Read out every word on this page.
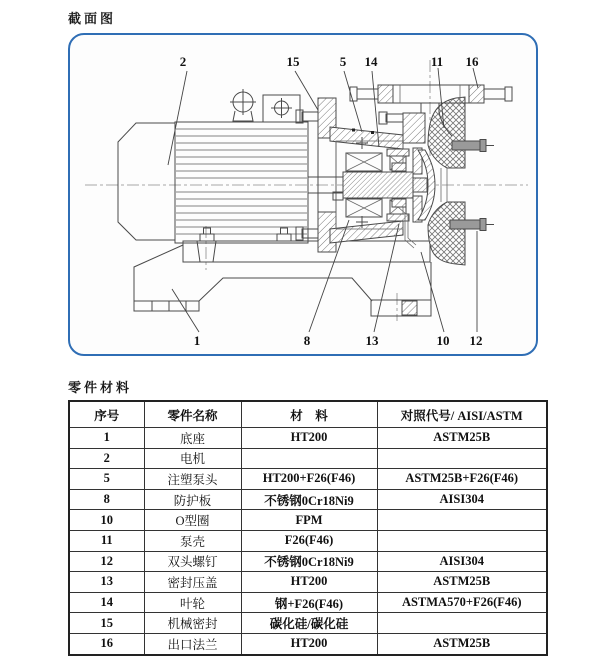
截面图
2	15	5 14	11 16
1	8	13	10 12
零件材料
序号	零件名称	材　料	对照代号/ AISI/ASTM
1	底座	HT200	ASTM25B
2	电机		
5	注塑泵头	HT200+F26(F46)	ASTM25B+F26(F46)
8	防护板	不锈钢0Cr18Ni9	AISI304
10	O型圈	FPM	
11	泵壳	F26(F46)	
12	双头螺钉	不锈钢0Cr18Ni9	AISI304
13	密封压盖	HT200	ASTM25B
14	叶轮	钢+F26(F46)	ASTMA570+F26(F46)
15	机械密封	碳化硅/碳化硅	
16	出口法兰	HT200	ASTM25B
